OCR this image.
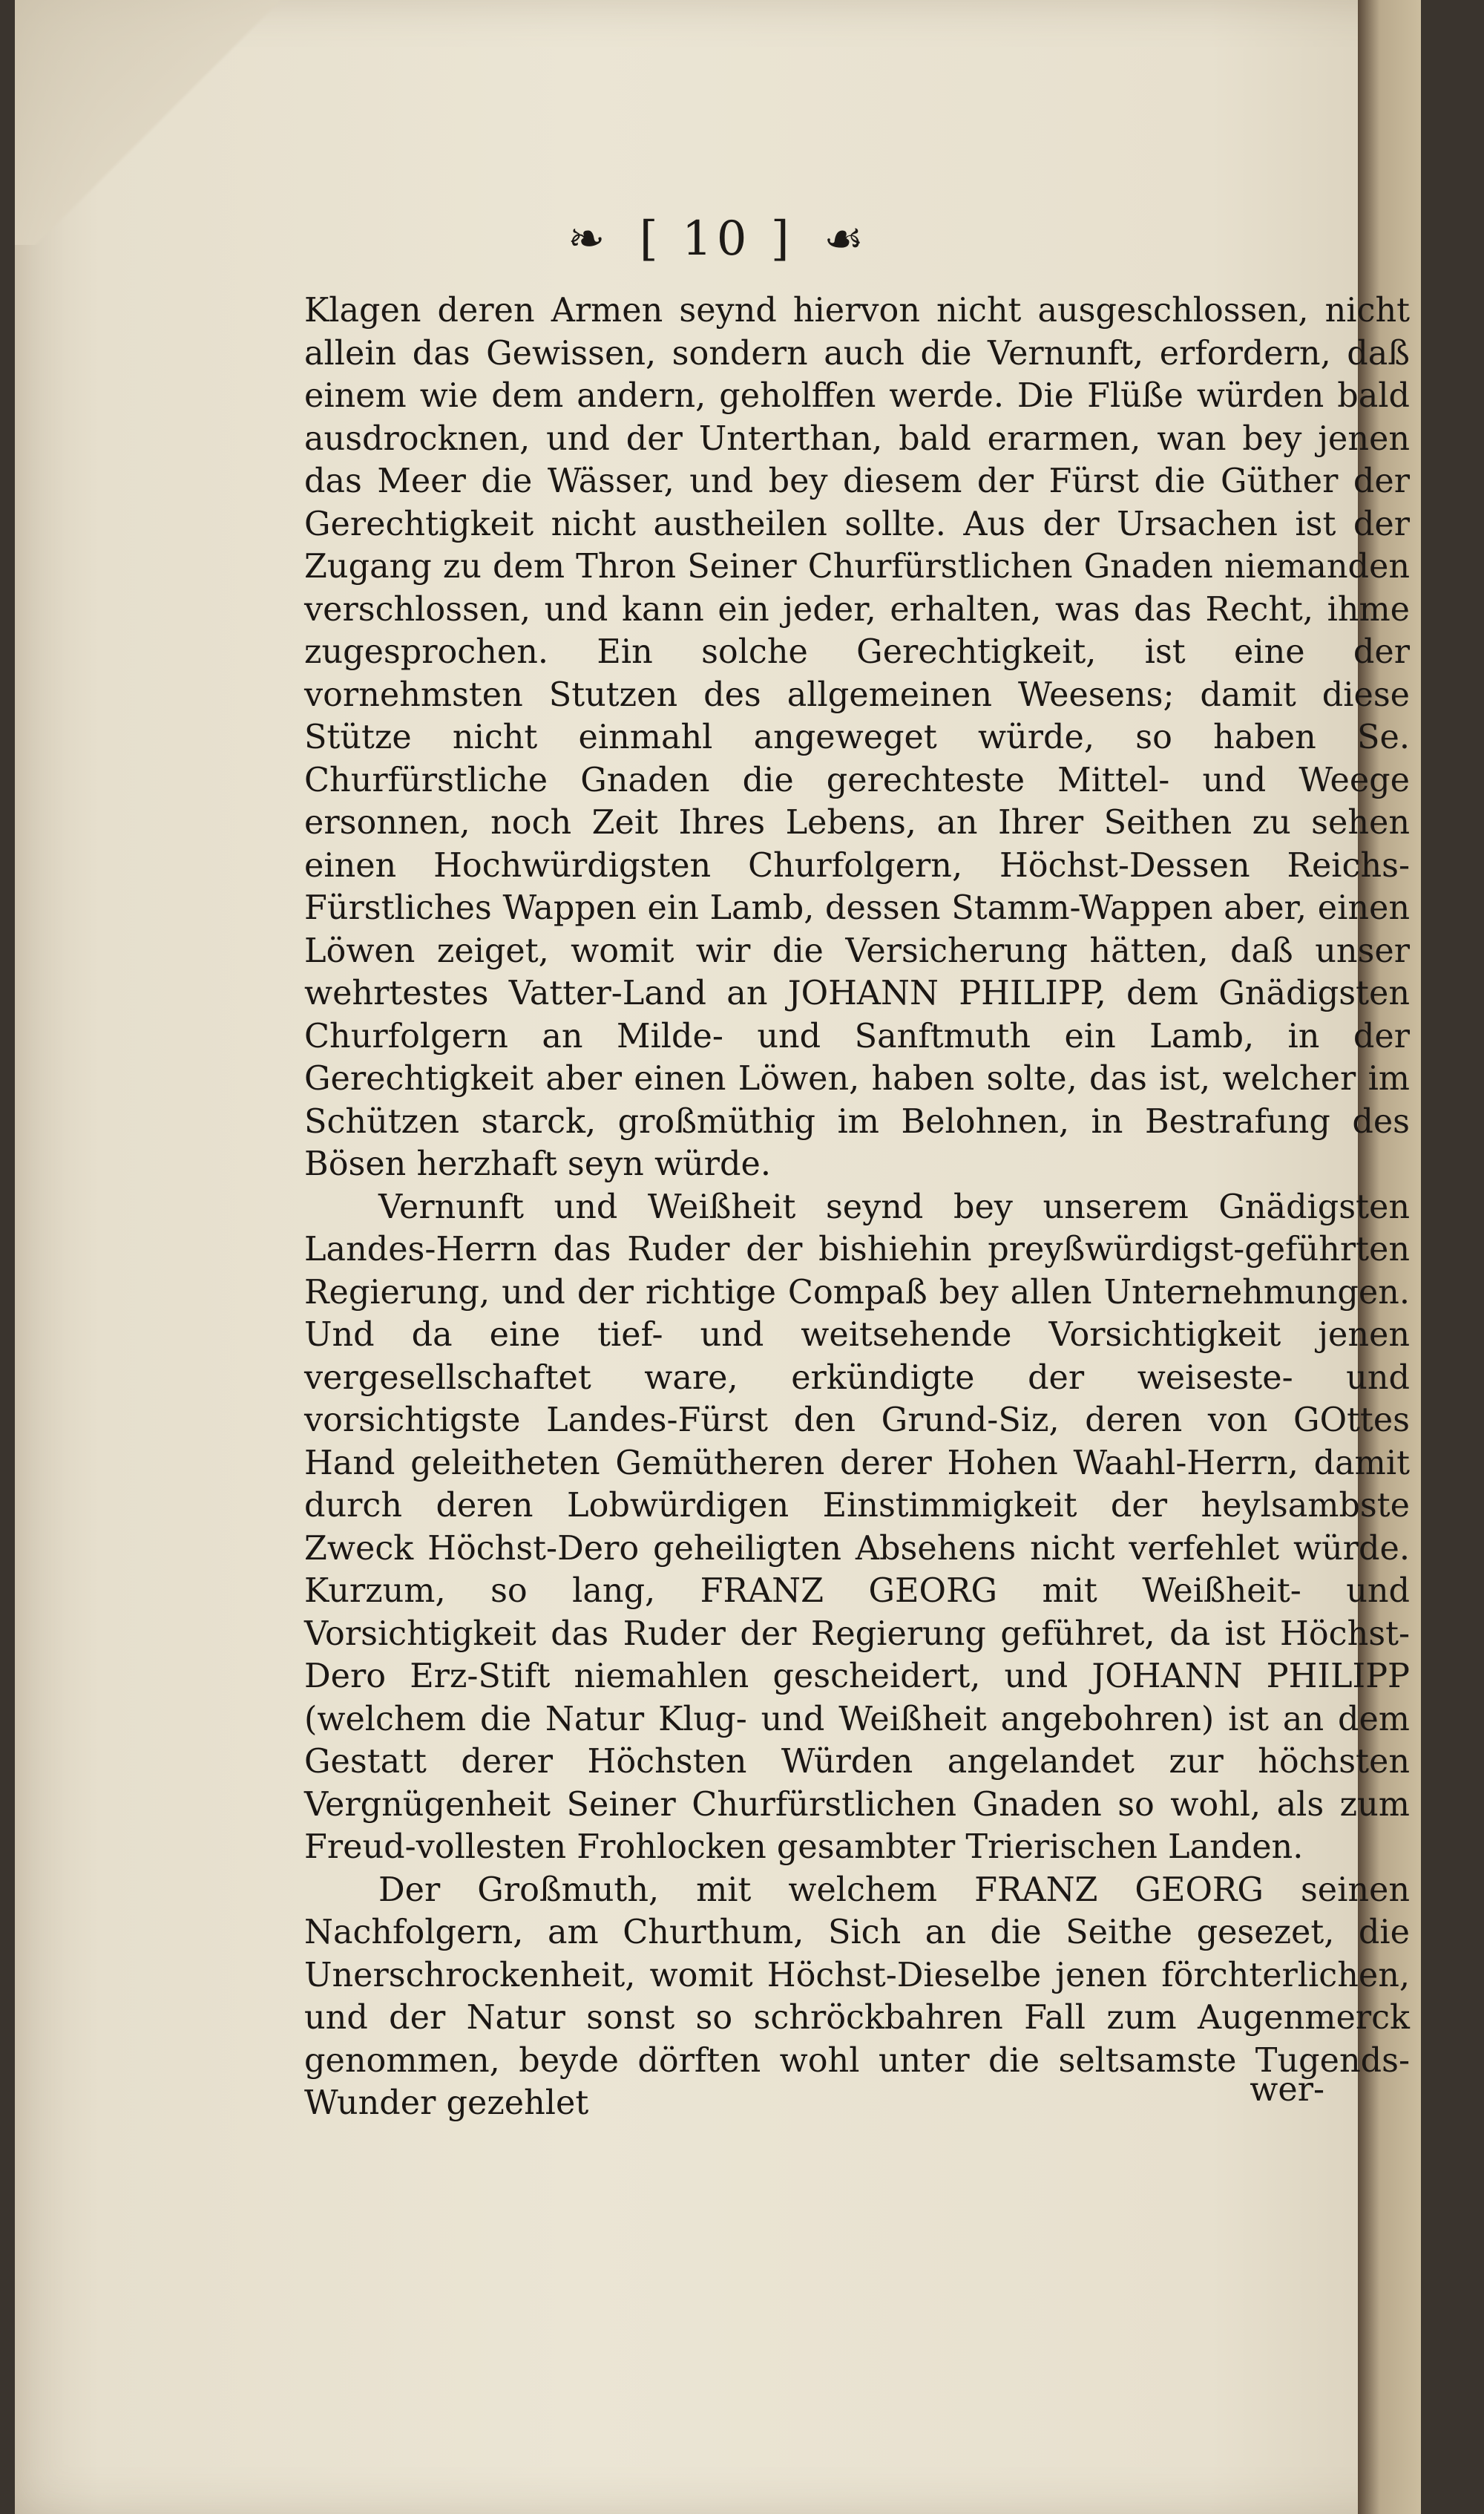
❧ [ 10 ] ☙

Klagen deren Armen seynd hiervon nicht ausgeschlossen, nicht allein das Gewissen, sondern auch die Vernunft, erfordern, daß einem wie dem andern, geholffen werde. Die Flüße würden bald ausdrocknen, und der Unterthan, bald erarmen, wan bey jenen das Meer die Wässer, und bey diesem der Fürst die Güther der Gerechtigkeit nicht austheilen sollte. Aus der Ursachen ist der Zugang zu dem Thron Seiner Churfürstlichen Gnaden niemanden verschlossen, und kann ein jeder, erhalten, was das Recht, ihme zugesprochen. Ein solche Gerechtigkeit, ist eine der vornehmsten Stutzen des allgemeinen Weesens; damit diese Stütze nicht einmahl angeweget würde, so haben Se. Churfürstliche Gnaden die gerechteste Mittel- und Weege ersonnen, noch Zeit Ihres Lebens, an Ihrer Seithen zu sehen einen Hochwürdigsten Churfolgern, Höchst-Dessen Reichs-Fürstliches Wappen ein Lamb, dessen Stamm-Wappen aber, einen Löwen zeiget, womit wir die Versicherung hätten, daß unser wehrtestes Vatter-Land an JOHANN PHILIPP, dem Gnädigsten Churfolgern an Milde- und Sanftmuth ein Lamb, in der Gerechtigkeit aber einen Löwen, haben solte, das ist, welcher im Schützen starck, großmüthig im Belohnen, in Bestrafung des Bösen herzhaft seyn würde.

Vernunft und Weißheit seynd bey unserem Gnädigsten Landes-Herrn das Ruder der bishiehin preyßwürdigst-geführten Regierung, und der richtige Compaß bey allen Unternehmungen. Und da eine tief- und weitsehende Vorsichtigkeit jenen vergesellschaftet ware, erkündigte der weiseste- und vorsichtigste Landes-Fürst den Grund-Siz, deren von GOttes Hand geleitheten Gemütheren derer Hohen Waahl-Herrn, damit durch deren Lobwürdigen Einstimmigkeit der heylsambste Zweck Höchst-Dero geheiligten Absehens nicht verfehlet würde. Kurzum, so lang, FRANZ GEORG mit Weißheit- und Vorsichtigkeit das Ruder der Regierung geführet, da ist Höchst-Dero Erz-Stift niemahlen gescheidert, und JOHANN PHILIPP (welchem die Natur Klug- und Weißheit angebohren) ist an dem Gestatt derer Höchsten Würden angelandet zur höchsten Vergnügenheit Seiner Churfürstlichen Gnaden so wohl, als zum Freud-vollesten Frohlocken gesambter Trierischen Landen.

Der Großmuth, mit welchem FRANZ GEORG seinen Nachfolgern, am Churthum, Sich an die Seithe gesezet, die Unerschrockenheit, womit Höchst-Dieselbe jenen förchterlichen, und der Natur sonst so schröckbahren Fall zum Augenmerck genommen, beyde dörften wohl unter die seltsamste Tugends-Wunder gezehlet	wer-
